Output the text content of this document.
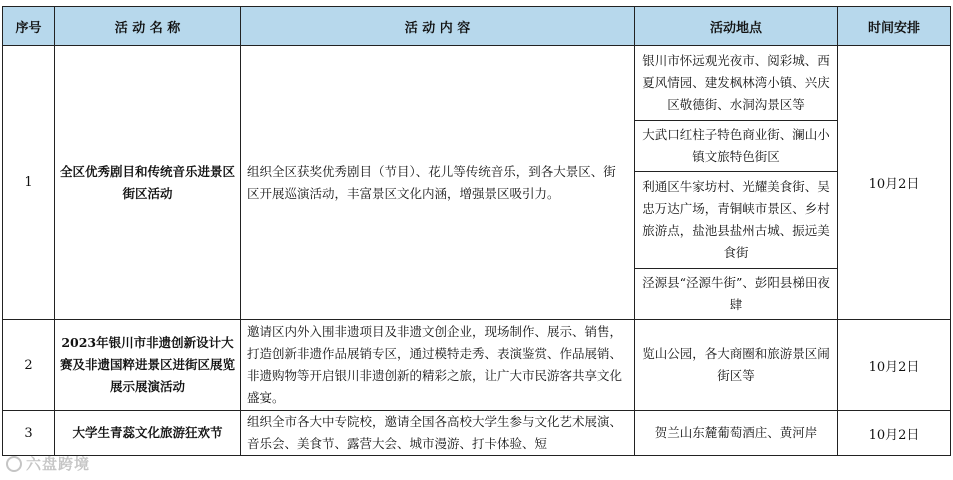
序号	活 动 名 称	活 动 内 容	活动地点	时间安排
1	全区优秀剧目和传统音乐进景区街区活动	组织全区获奖优秀剧目（节目）、花儿等传统音乐，到各大景区、街区开展巡演活动，丰富景区文化内涵，增强景区吸引力。	银川市怀远观光夜市、阅彩城、西夏风情园、建发枫林湾小镇、兴庆区敬德街、水洞沟景区等	10月2日
			大武口红柱子特色商业街、澜山小镇文旅特色街区	
			利通区牛家坊村、光耀美食街、吴忠万达广场，青铜峡市景区、乡村旅游点，盐池县盐州古城、振远美食街	
			泾源县“泾源牛街”、彭阳县梯田夜肆	
2	2023年银川市非遗创新设计大赛及非遗国粹进景区进街区展览展示展演活动	邀请区内外入围非遗项目及非遗文创企业，现场制作、展示、销售，打造创新非遗作品展销专区，通过模特走秀、表演鉴赏、作品展销、非遗购物等开启银川非遗创新的精彩之旅，让广大市民游客共享文化盛宴。	览山公园，各大商圈和旅游景区闹街区等	10月2日
3	大学生青蕊文化旅游狂欢节	组织全市各大中专院校，邀请全国各高校大学生参与文化艺术展演、音乐会、美食节、露营大会、城市漫游、打卡体验、短	贺兰山东麓葡萄酒庄、黄河岸	10月2日
六盘跨境
